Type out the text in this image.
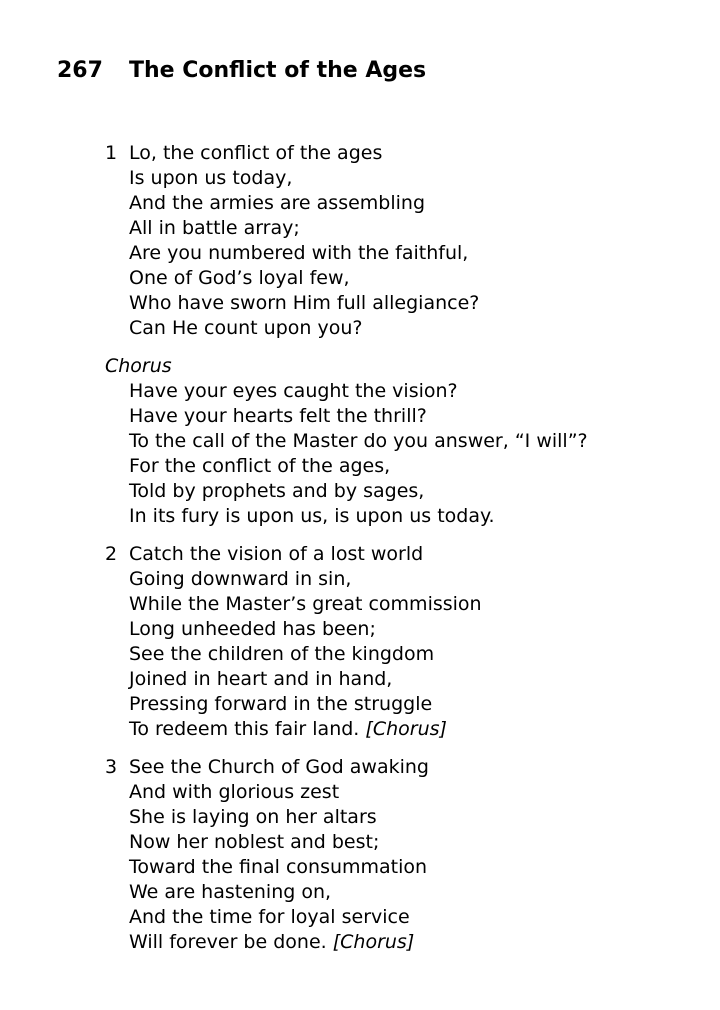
267 The Conflict of the Ages
1 Lo, the conflict of the ages
Is upon us today,
And the armies are assembling
All in battle array;
Are you numbered with the faithful,
One of God’s loyal few,
Who have sworn Him full allegiance?
Can He count upon you?
Chorus
Have your eyes caught the vision?
Have your hearts felt the thrill?
To the call of the Master do you answer, “I will”?
For the conflict of the ages,
Told by prophets and by sages,
In its fury is upon us, is upon us today.
2 Catch the vision of a lost world
Going downward in sin,
While the Master’s great commission
Long unheeded has been;
See the children of the kingdom
Joined in heart and in hand,
Pressing forward in the struggle
To redeem this fair land. [Chorus]
3 See the Church of God awaking
And with glorious zest
She is laying on her altars
Now her noblest and best;
Toward the final consummation
We are hastening on,
And the time for loyal service
Will forever be done. [Chorus]
